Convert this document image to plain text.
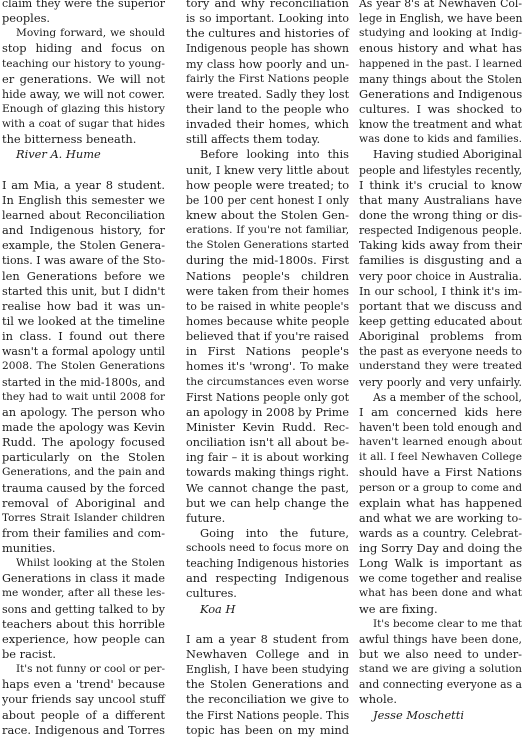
claim they were the superior
peoples.
Moving forward, we should
stop hiding and focus on
teaching our history to young-
er generations. We will not
hide away, we will not cower.
Enough of glazing this history
with a coat of sugar that hides
the bitterness beneath.
River A. Hume
I am Mia, a year 8 student.
In English this semester we
learned about Reconciliation
and Indigenous history, for
example, the Stolen Genera-
tions. I was aware of the Sto-
len Generations before we
started this unit, but I didn't
realise how bad it was un-
til we looked at the timeline
in class. I found out there
wasn't a formal apology until
2008. The Stolen Generations
started in the mid-1800s, and
they had to wait until 2008 for
an apology. The person who
made the apology was Kevin
Rudd. The apology focused
particularly on the Stolen
Generations, and the pain and
trauma caused by the forced
removal of Aboriginal and
Torres Strait Islander children
from their families and com-
munities.
Whilst looking at the Stolen
Generations in class it made
me wonder, after all these les-
sons and getting talked to by
teachers about this horrible
experience, how people can
be racist.
It's not funny or cool or per-
haps even a 'trend' because
your friends say uncool stuff
about people of a different
race. Indigenous and Torres
tory and why reconciliation
is so important. Looking into
the cultures and histories of
Indigenous people has shown
my class how poorly and un-
fairly the First Nations people
were treated. Sadly they lost
their land to the people who
invaded their homes, which
still affects them today.
Before looking into this
unit, I knew very little about
how people were treated; to
be 100 per cent honest I only
knew about the Stolen Gen-
erations. If you're not familiar,
the Stolen Generations started
during the mid-1800s. First
Nations people's children
were taken from their homes
to be raised in white people's
homes because white people
believed that if you're raised
in First Nations people's
homes it's 'wrong'. To make
the circumstances even worse
First Nations people only got
an apology in 2008 by Prime
Minister Kevin Rudd. Rec-
onciliation isn't all about be-
ing fair – it is about working
towards making things right.
We cannot change the past,
but we can help change the
future.
Going into the future,
schools need to focus more on
teaching Indigenous histories
and respecting Indigenous
cultures.
Koa H
I am a year 8 student from
Newhaven College and in
English, I have been studying
the Stolen Generations and
the reconciliation we give to
the First Nations people. This
topic has been on my mind
As year 8's at Newhaven Col-
lege in English, we have been
studying and looking at Indig-
enous history and what has
happened in the past. I learned
many things about the Stolen
Generations and Indigenous
cultures. I was shocked to
know the treatment and what
was done to kids and families.
Having studied Aboriginal
people and lifestyles recently,
I think it's crucial to know
that many Australians have
done the wrong thing or dis-
respected Indigenous people.
Taking kids away from their
families is disgusting and a
very poor choice in Australia.
In our school, I think it's im-
portant that we discuss and
keep getting educated about
Aboriginal problems from
the past as everyone needs to
understand they were treated
very poorly and very unfairly.
As a member of the school,
I am concerned kids here
haven't been told enough and
haven't learned enough about
it all. I feel Newhaven College
should have a First Nations
person or a group to come and
explain what has happened
and what we are working to-
wards as a country. Celebrat-
ing Sorry Day and doing the
Long Walk is important as
we come together and realise
what has been done and what
we are fixing.
It's become clear to me that
awful things have been done,
but we also need to under-
stand we are giving a solution
and connecting everyone as a
whole.
Jesse Moschetti
